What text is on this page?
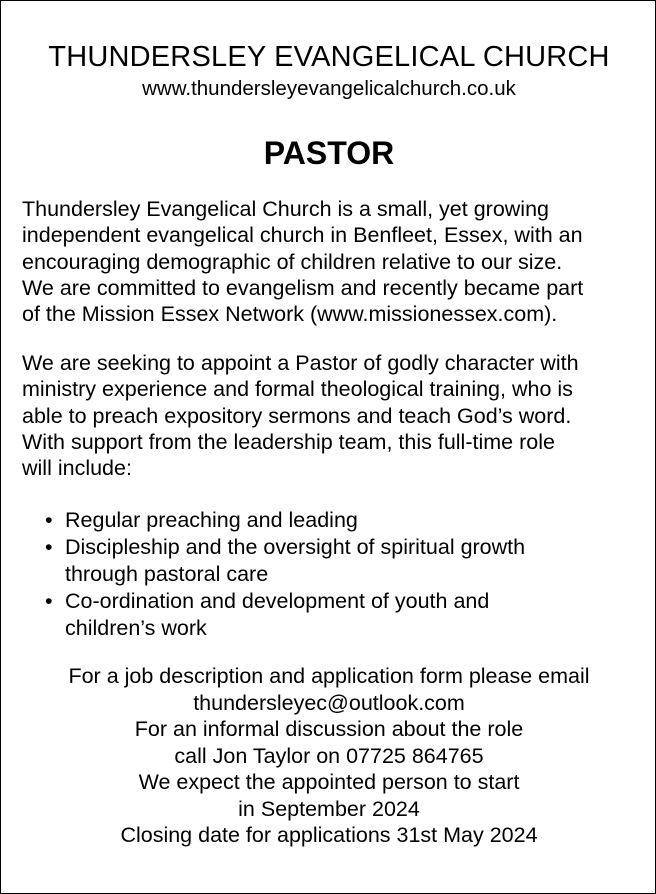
THUNDERSLEY EVANGELICAL CHURCH
www.thundersleyevangelicalchurch.co.uk
PASTOR
Thundersley Evangelical Church is a small, yet growing
independent evangelical church in Benfleet, Essex, with an
encouraging demographic of children relative to our size.
We are committed to evangelism and recently became part
of the Mission Essex Network (www.missionessex.com).
We are seeking to appoint a Pastor of godly character with
ministry experience and formal theological training, who is
able to preach expository sermons and teach God’s word.
With support from the leadership team, this full-time role
will include:
• Regular preaching and leading
• Discipleship and the oversight of spiritual growth
through pastoral care
• Co-ordination and development of youth and
children’s work
For a job description and application form please email
thundersleyec@outlook.com
For an informal discussion about the role
call Jon Taylor on 07725 864765
We expect the appointed person to start
in September 2024
Closing date for applications 31st May 2024
